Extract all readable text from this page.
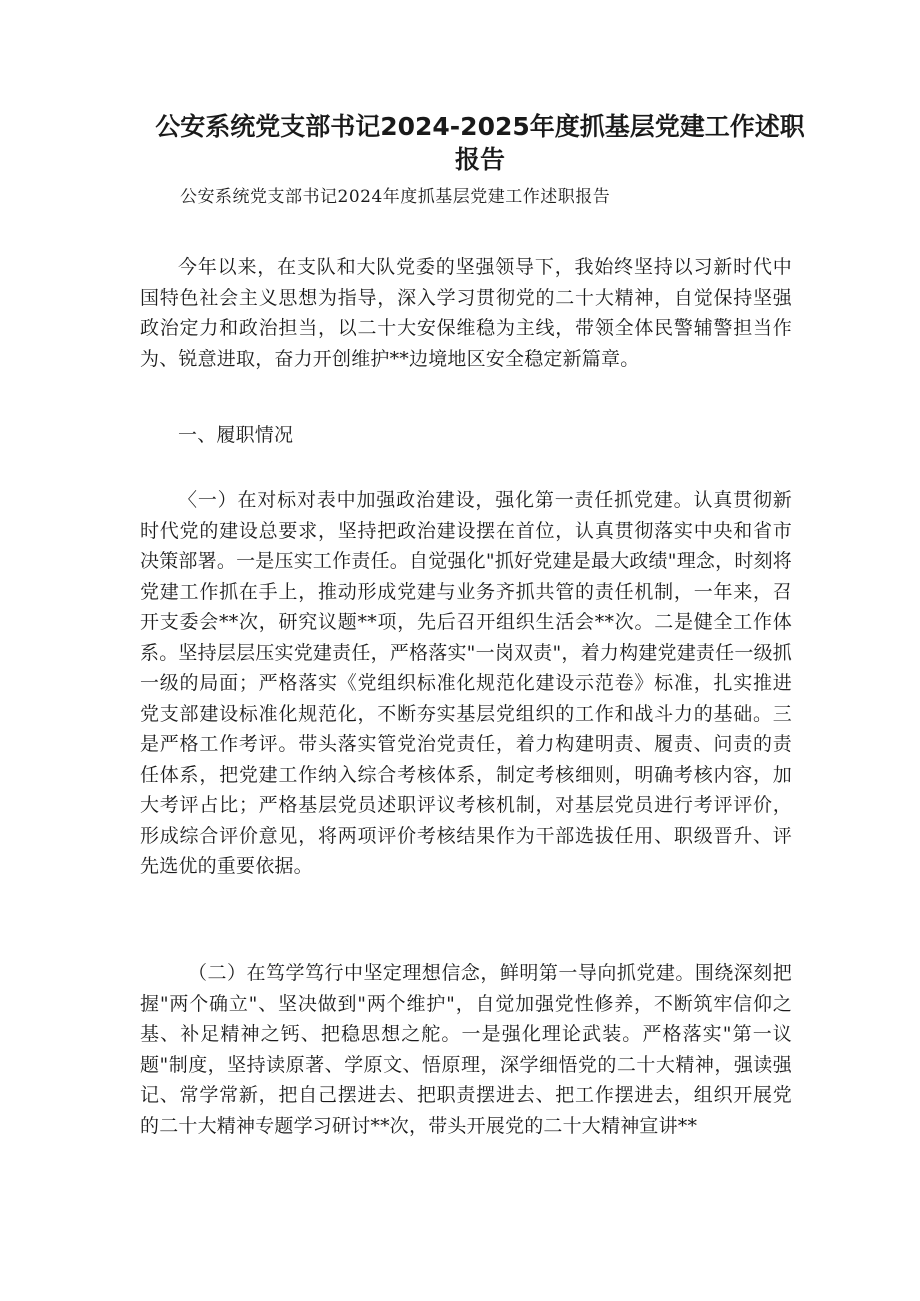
公安系统党支部书记2024-2025年度抓基层党建工作述职报告

公安系统党支部书记2024年度抓基层党建工作述职报告

今年以来，在支队和大队党委的坚强领导下，我始终坚持以习新时代中国特色社会主义思想为指导，深入学习贯彻党的二十大精神，自觉保持坚强政治定力和政治担当，以二十大安保维稳为主线，带领全体民警辅警担当作为、锐意进取，奋力开创维护**边境地区安全稳定新篇章。

一、履职情况

〈一）在对标对表中加强政治建设，强化第一责任抓党建。认真贯彻新时代党的建设总要求，坚持把政治建设摆在首位，认真贯彻落实中央和省市决策部署。一是压实工作责任。自觉强化"抓好党建是最大政绩"理念，时刻将党建工作抓在手上，推动形成党建与业务齐抓共管的责任机制，一年来，召开支委会**次，研究议题**项，先后召开组织生活会**次。二是健全工作体系。坚持层层压实党建责任，严格落实"一岗双责"，着力构建党建责任一级抓一级的局面；严格落实《党组织标准化规范化建设示范卷》标准，扎实推进党支部建设标准化规范化，不断夯实基层党组织的工作和战斗力的基础。三是严格工作考评。带头落实管党治党责任，着力构建明责、履责、问责的责任体系，把党建工作纳入综合考核体系，制定考核细则，明确考核内容，加大考评占比；严格基层党员述职评议考核机制，对基层党员进行考评评价，形成综合评价意见，将两项评价考核结果作为干部选拔任用、职级晋升、评先选优的重要依据。

（二）在笃学笃行中坚定理想信念，鲜明第一导向抓党建。围绕深刻把握"两个确立"、坚决做到"两个维护"，自觉加强党性修养，不断筑牢信仰之基、补足精神之钙、把稳思想之舵。一是强化理论武装。严格落实"第一议题"制度，坚持读原著、学原文、悟原理，深学细悟党的二十大精神，强读强记、常学常新，把自己摆进去、把职责摆进去、把工作摆进去，组织开展党的二十大精神专题学习研讨**次，带头开展党的二十大精神宣讲**
